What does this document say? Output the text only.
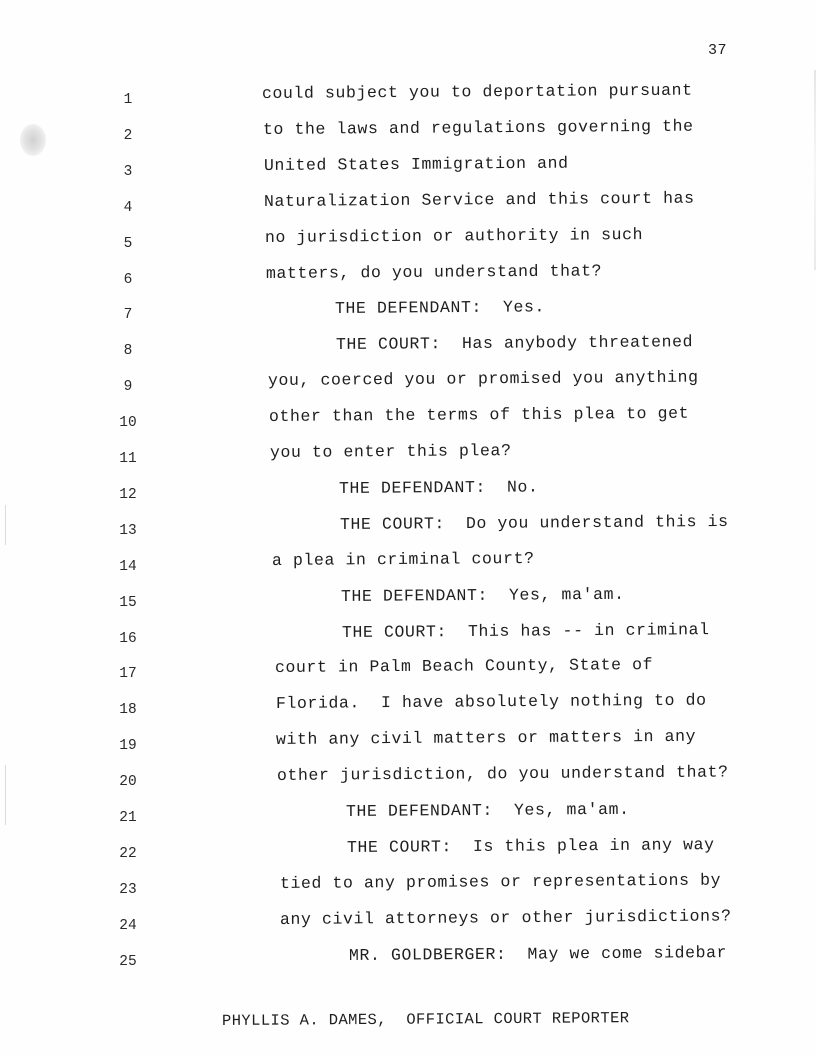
37
1	could subject you to deportation pursuant
2	to the laws and regulations governing the
3	United States Immigration and
4	Naturalization Service and this court has
5	no jurisdiction or authority in such
6	matters, do you understand that?
7	THE DEFENDANT:  Yes.
8	THE COURT:  Has anybody threatened
9	you, coerced you or promised you anything
10	other than the terms of this plea to get
11	you to enter this plea?
12	THE DEFENDANT:  No.
13	THE COURT:  Do you understand this is
14	a plea in criminal court?
15	THE DEFENDANT:  Yes, ma'am.
16	THE COURT:  This has -- in criminal
17	court in Palm Beach County, State of
18	Florida.  I have absolutely nothing to do
19	with any civil matters or matters in any
20	other jurisdiction, do you understand that?
21	THE DEFENDANT:  Yes, ma'am.
22	THE COURT:  Is this plea in any way
23	tied to any promises or representations by
24	any civil attorneys or other jurisdictions?
25	MR. GOLDBERGER:  May we come sidebar
PHYLLIS A. DAMES,  OFFICIAL COURT REPORTER
